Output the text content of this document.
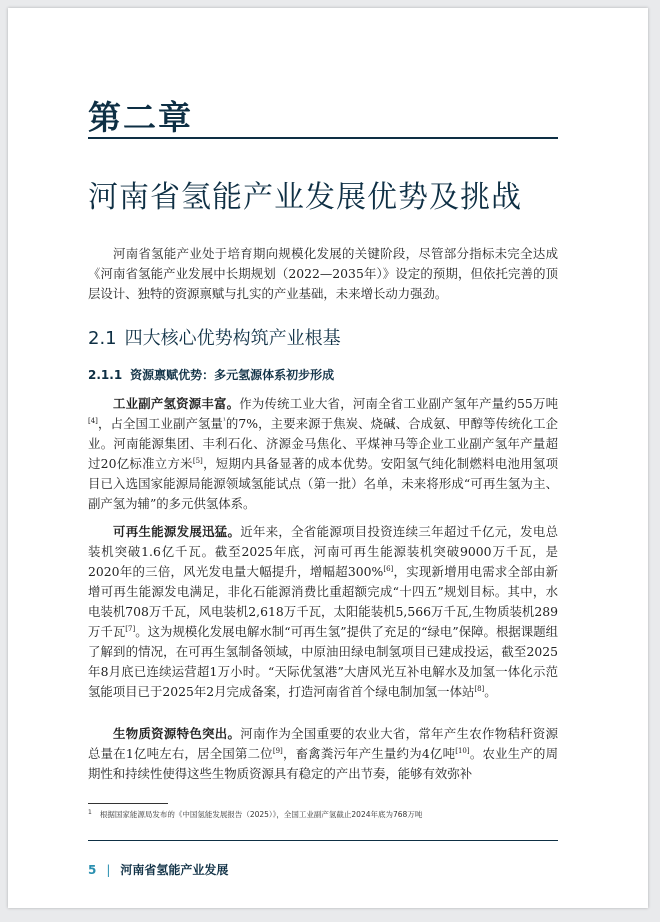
第二章
河南省氢能产业发展优势及挑战

河南省氢能产业处于培育期向规模化发展的关键阶段，尽管部分指标未完全达成《河南省氢能产业发展中长期规划（2022—2035年）》设定的预期，但依托完善的顶层设计、独特的资源禀赋与扎实的产业基础，未来增长动力强劲。

2.1 四大核心优势构筑产业根基
2.1.1 资源禀赋优势：多元氢源体系初步形成

工业副产氢资源丰富。作为传统工业大省，河南全省工业副产氢年产量约55万吨[4]，占全国工业副产氢量$^{^1}$的7%，主要来源于焦炭、烧碱、合成氨、甲醇等传统化工企业。河南能源集团、丰利石化、济源金马焦化、平煤神马等企业工业副产氢年产量超过20亿标准立方米[5]，短期内具备显著的成本优势。安阳氢气纯化制燃料电池用氢项目已入选国家能源局能源领域氢能试点（第一批）名单，未来将形成“可再生氢为主、副产氢为辅”的多元供氢体系。

可再生能源发展迅猛。近年来，全省能源项目投资连续三年超过千亿元，发电总装机突破1.6亿千瓦。截至2025年底，河南可再生能源装机突破9000万千瓦，是2020年的三倍，风光发电量大幅提升，增幅超300%[6]，实现新增用电需求全部由新增可再生能源发电满足，非化石能源消费比重超额完成“十四五”规划目标。其中，水电装机708万千瓦，风电装机2,618万千瓦，太阳能装机5,566万千瓦,生物质装机289万千瓦[7]。这为规模化发展电解水制“可再生氢”提供了充足的“绿电”保障。根据课题组了解到的情况，在可再生氢制备领域，中原油田绿电制氢项目已建成投运，截至2025年8月底已连续运营超1万小时。“天际优氢港”大唐风光互补电解水及加氢一体化示范氢能项目已于2025年2月完成备案，打造河南省首个绿电制加氢一体站[8]。

生物质资源特色突出。河南作为全国重要的农业大省，常年产生农作物秸秆资源总量在1亿吨左右，居全国第二位[9]，畜禽粪污年产生量约为4亿吨[10]。农业生产的周期性和持续性使得这些生物质资源具有稳定的产出节奏，能够有效弥补

$^1$ 根据国家能源局发布的《中国氢能发展报告（2025）》，全国工业副产氢截止2024年底为768万吨
5 | 河南省氢能产业发展
